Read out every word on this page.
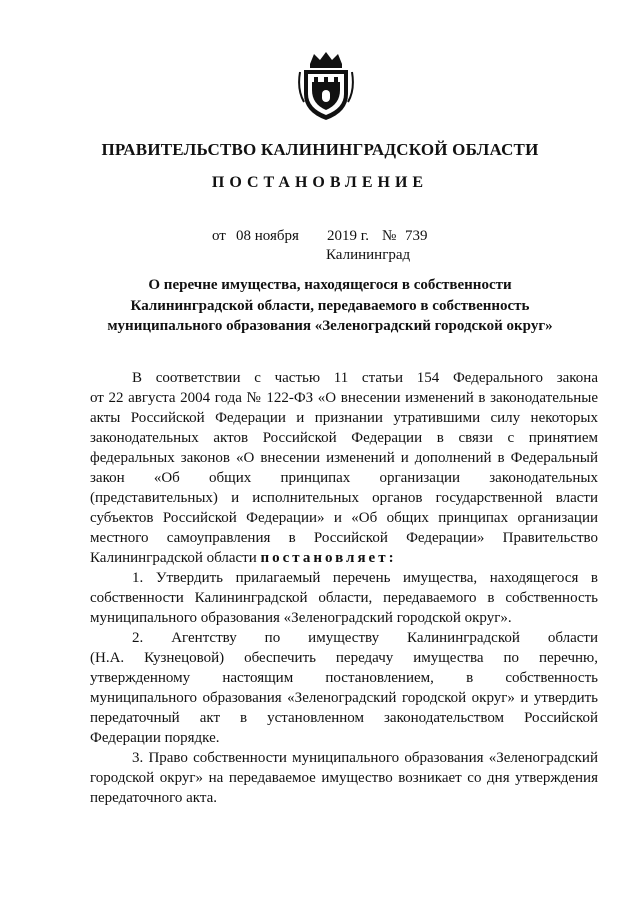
ПРАВИТЕЛЬСТВО КАЛИНИНГРАДСКОЙ ОБЛАСТИ
ПОСТАНОВЛЕНИЕ
от 08 ноября 2019 г. № 739
Калининград
О перечне имущества, находящегося в собственности
Калининградской области, передаваемого в собственность
муниципального образования «Зеленоградский городской округ»
В соответствии с частью 11 статьи 154 Федерального закона
от 22 августа 2004 года № 122-ФЗ «О внесении изменений в законодательные
акты Российской Федерации и признании утратившими силу некоторых
законодательных актов Российской Федерации в связи с принятием
федеральных законов «О внесении изменений и дополнений в Федеральный
закон «Об общих принципах организации законодательных
(представительных) и исполнительных органов государственной власти
субъектов Российской Федерации» и «Об общих принципах организации
местного самоуправления в Российской Федерации» Правительство
Калининградской области постановляет:
1. Утвердить прилагаемый перечень имущества, находящегося в
собственности Калининградской области, передаваемого в собственность
муниципального образования «Зеленоградский городской округ».
2. Агентству по имуществу Калининградской области
(Н.А. Кузнецовой) обеспечить передачу имущества по перечню,
утвержденному настоящим постановлением, в собственность
муниципального образования «Зеленоградский городской округ» и утвердить
передаточный акт в установленном законодательством Российской
Федерации порядке.
3. Право собственности муниципального образования «Зеленоградский
городской округ» на передаваемое имущество возникает со дня утверждения
передаточного акта.
